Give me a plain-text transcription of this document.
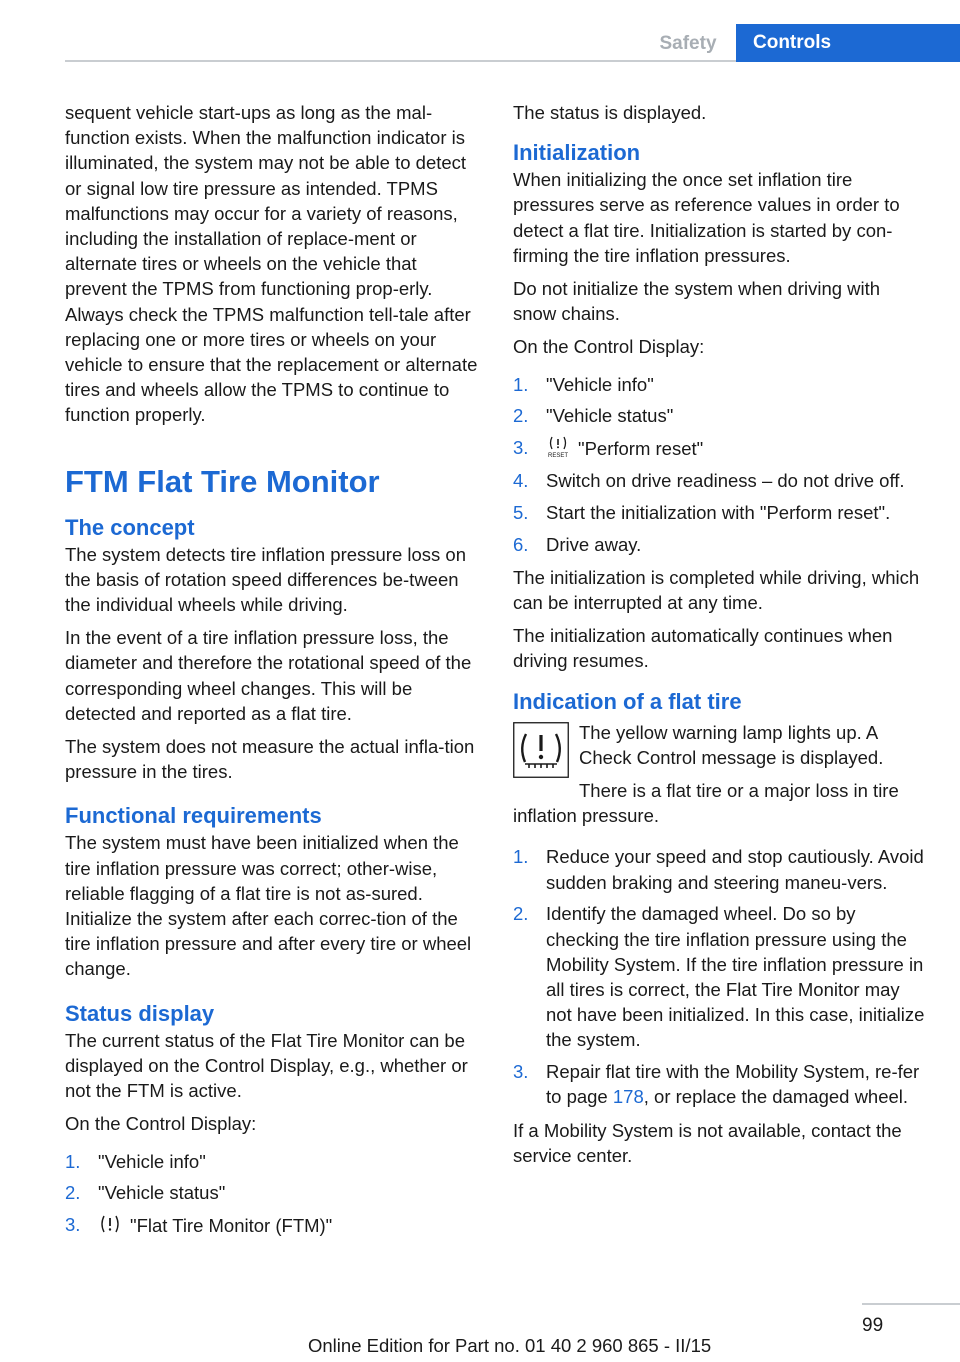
Safety	Controls

sequent vehicle start-ups as long as the mal-function exists. When the malfunction indicator is illuminated, the system may not be able to detect or signal low tire pressure as intended. TPMS malfunctions may occur for a variety of reasons, including the installation of replace-ment or alternate tires or wheels on the vehicle that prevent the TPMS from functioning prop-erly. Always check the TPMS malfunction tell-tale after replacing one or more tires or wheels on your vehicle to ensure that the replacement or alternate tires and wheels allow the TPMS to continue to function properly.

FTM Flat Tire Monitor
The concept

The system detects tire inflation pressure loss on the basis of rotation speed differences be-tween the individual wheels while driving.

In the event of a tire inflation pressure loss, the diameter and therefore the rotational speed of the corresponding wheel changes. This will be detected and reported as a flat tire.

The system does not measure the actual infla-tion pressure in the tires.

Functional requirements

The system must have been initialized when the tire inflation pressure was correct; other-wise, reliable flagging of a flat tire is not as-sured. Initialize the system after each correc-tion of the tire inflation pressure and after every tire or wheel change.

Status display

The current status of the Flat Tire Monitor can be displayed on the Control Display, e.g., whether or not the FTM is active.

On the Control Display:

1. "Vehicle info"
2. "Vehicle status"
3.	"Flat Tire Monitor (FTM)"

The status is displayed.

Initialization

When initializing the once set inflation tire pressures serve as reference values in order to detect a flat tire. Initialization is started by con-firming the tire inflation pressures.

Do not initialize the system when driving with snow chains.

On the Control Display:

1. "Vehicle info"
2. "Vehicle status"
3.	RESET "Perform reset"
4. Switch on drive readiness – do not drive off.
5. Start the initialization with "Perform reset".
6. Drive away.

The initialization is completed while driving, which can be interrupted at any time.

The initialization automatically continues when driving resumes.

Indication of a flat tire

The yellow warning lamp lights up. A Check Control message is displayed.

There is a flat tire or a major loss in tire inflation pressure.

1. Reduce your speed and stop cautiously. Avoid sudden braking and steering maneu-vers.
2. Identify the damaged wheel. Do so by checking the tire inflation pressure using the Mobility System. If the tire inflation pressure in all tires is correct, the Flat Tire Monitor may not have been initialized. In this case, initialize the system.
3. Repair flat tire with the Mobility System, re-fer to page 178, or replace the damaged wheel.

If a Mobility System is not available, contact the service center.

99
Online Edition for Part no. 01 40 2 960 865 - II/15
